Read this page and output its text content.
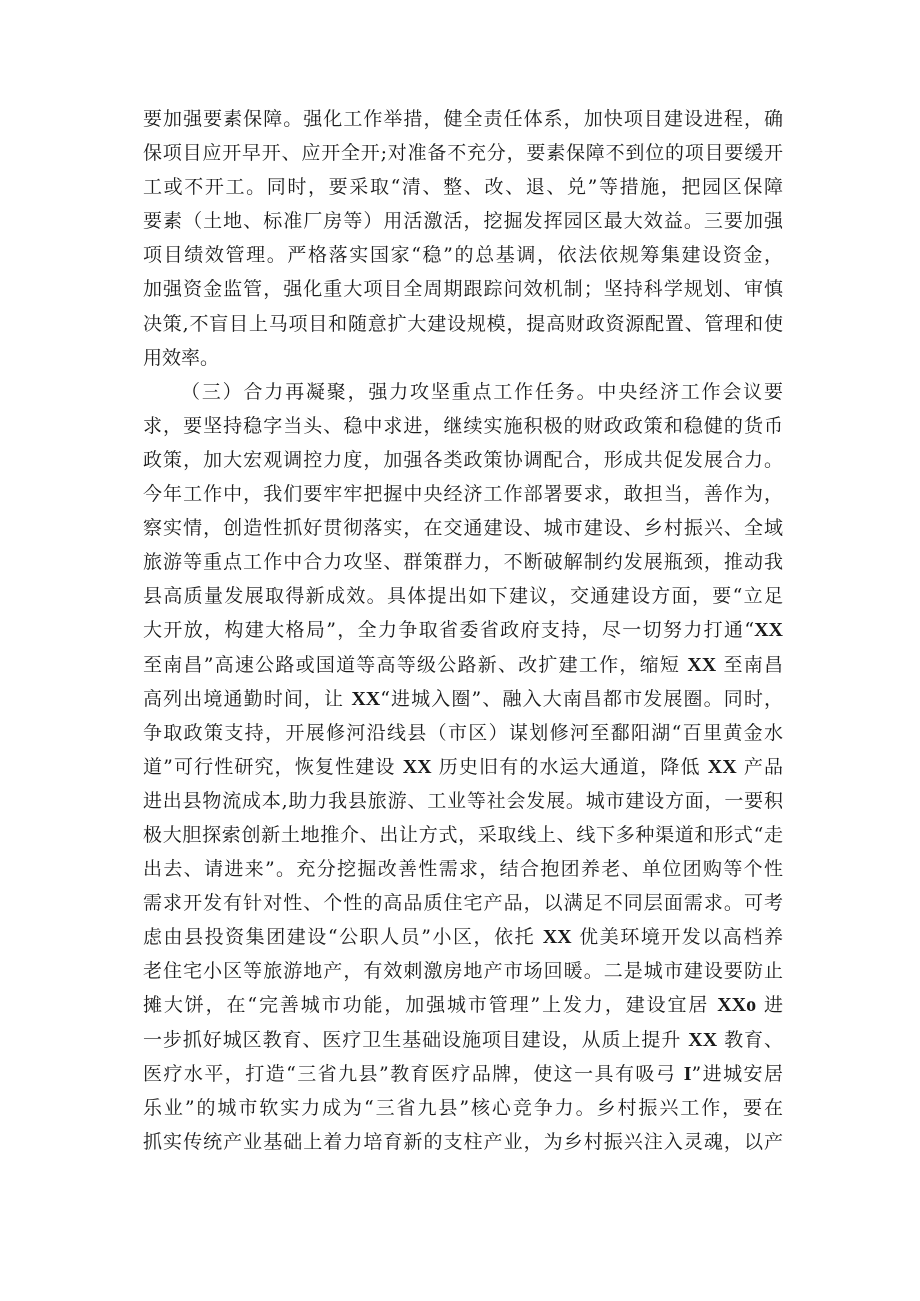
要加强要素保障。强化工作举措，健全责任体系，加快项目建设进程，确
保项目应开早开、应开全开;对准备不充分，要素保障不到位的项目要缓开
工或不开工。同时，要采取“清、整、改、退、兑”等措施，把园区保障
要素（土地、标准厂房等）用活激活，挖掘发挥园区最大效益。三要加强
项目绩效管理。严格落实国家“稳”的总基调，依法依规筹集建设资金，
加强资金监管，强化重大项目全周期跟踪问效机制；坚持科学规划、审慎
决策,不盲目上马项目和随意扩大建设规模，提高财政资源配置、管理和使
用效率。
（三）合力再凝聚，强力攻坚重点工作任务。中央经济工作会议要
求，要坚持稳字当头、稳中求进，继续实施积极的财政政策和稳健的货币
政策，加大宏观调控力度，加强各类政策协调配合，形成共促发展合力。
今年工作中，我们要牢牢把握中央经济工作部署要求，敢担当，善作为，
察实情，创造性抓好贯彻落实，在交通建设、城市建设、乡村振兴、全域
旅游等重点工作中合力攻坚、群策群力，不断破解制约发展瓶颈，推动我
县高质量发展取得新成效。具体提出如下建议，交通建设方面，要“立足
大开放，构建大格局”，全力争取省委省政府支持，尽一切努力打通“XX
至南昌”高速公路或国道等高等级公路新、改扩建工作，缩短 XX 至南昌
高列出境通勤时间，让 XX“进城入圈”、融入大南昌都市发展圈。同时，
争取政策支持，开展修河沿线县（市区）谋划修河至鄱阳湖“百里黄金水
道”可行性研究，恢复性建设 XX 历史旧有的水运大通道，降低 XX 产品
进出县物流成本,助力我县旅游、工业等社会发展。城市建设方面，一要积
极大胆探索创新土地推介、出让方式，采取线上、线下多种渠道和形式“走
出去、请进来”。充分挖掘改善性需求，结合抱团养老、单位团购等个性
需求开发有针对性、个性的高品质住宅产品，以满足不同层面需求。可考
虑由县投资集团建设“公职人员”小区，依托 XX 优美环境开发以高档养
老住宅小区等旅游地产，有效刺激房地产市场回暖。二是城市建设要防止
摊大饼，在“完善城市功能，加强城市管理”上发力，建设宜居 XXo 进
一步抓好城区教育、医疗卫生基础设施项目建设，从质上提升 XX 教育、
医疗水平，打造“三省九县”教育医疗品牌，使这一具有吸弓 I”进城安居
乐业”的城市软实力成为“三省九县”核心竞争力。乡村振兴工作，要在
抓实传统产业基础上着力培育新的支柱产业，为乡村振兴注入灵魂，以产
